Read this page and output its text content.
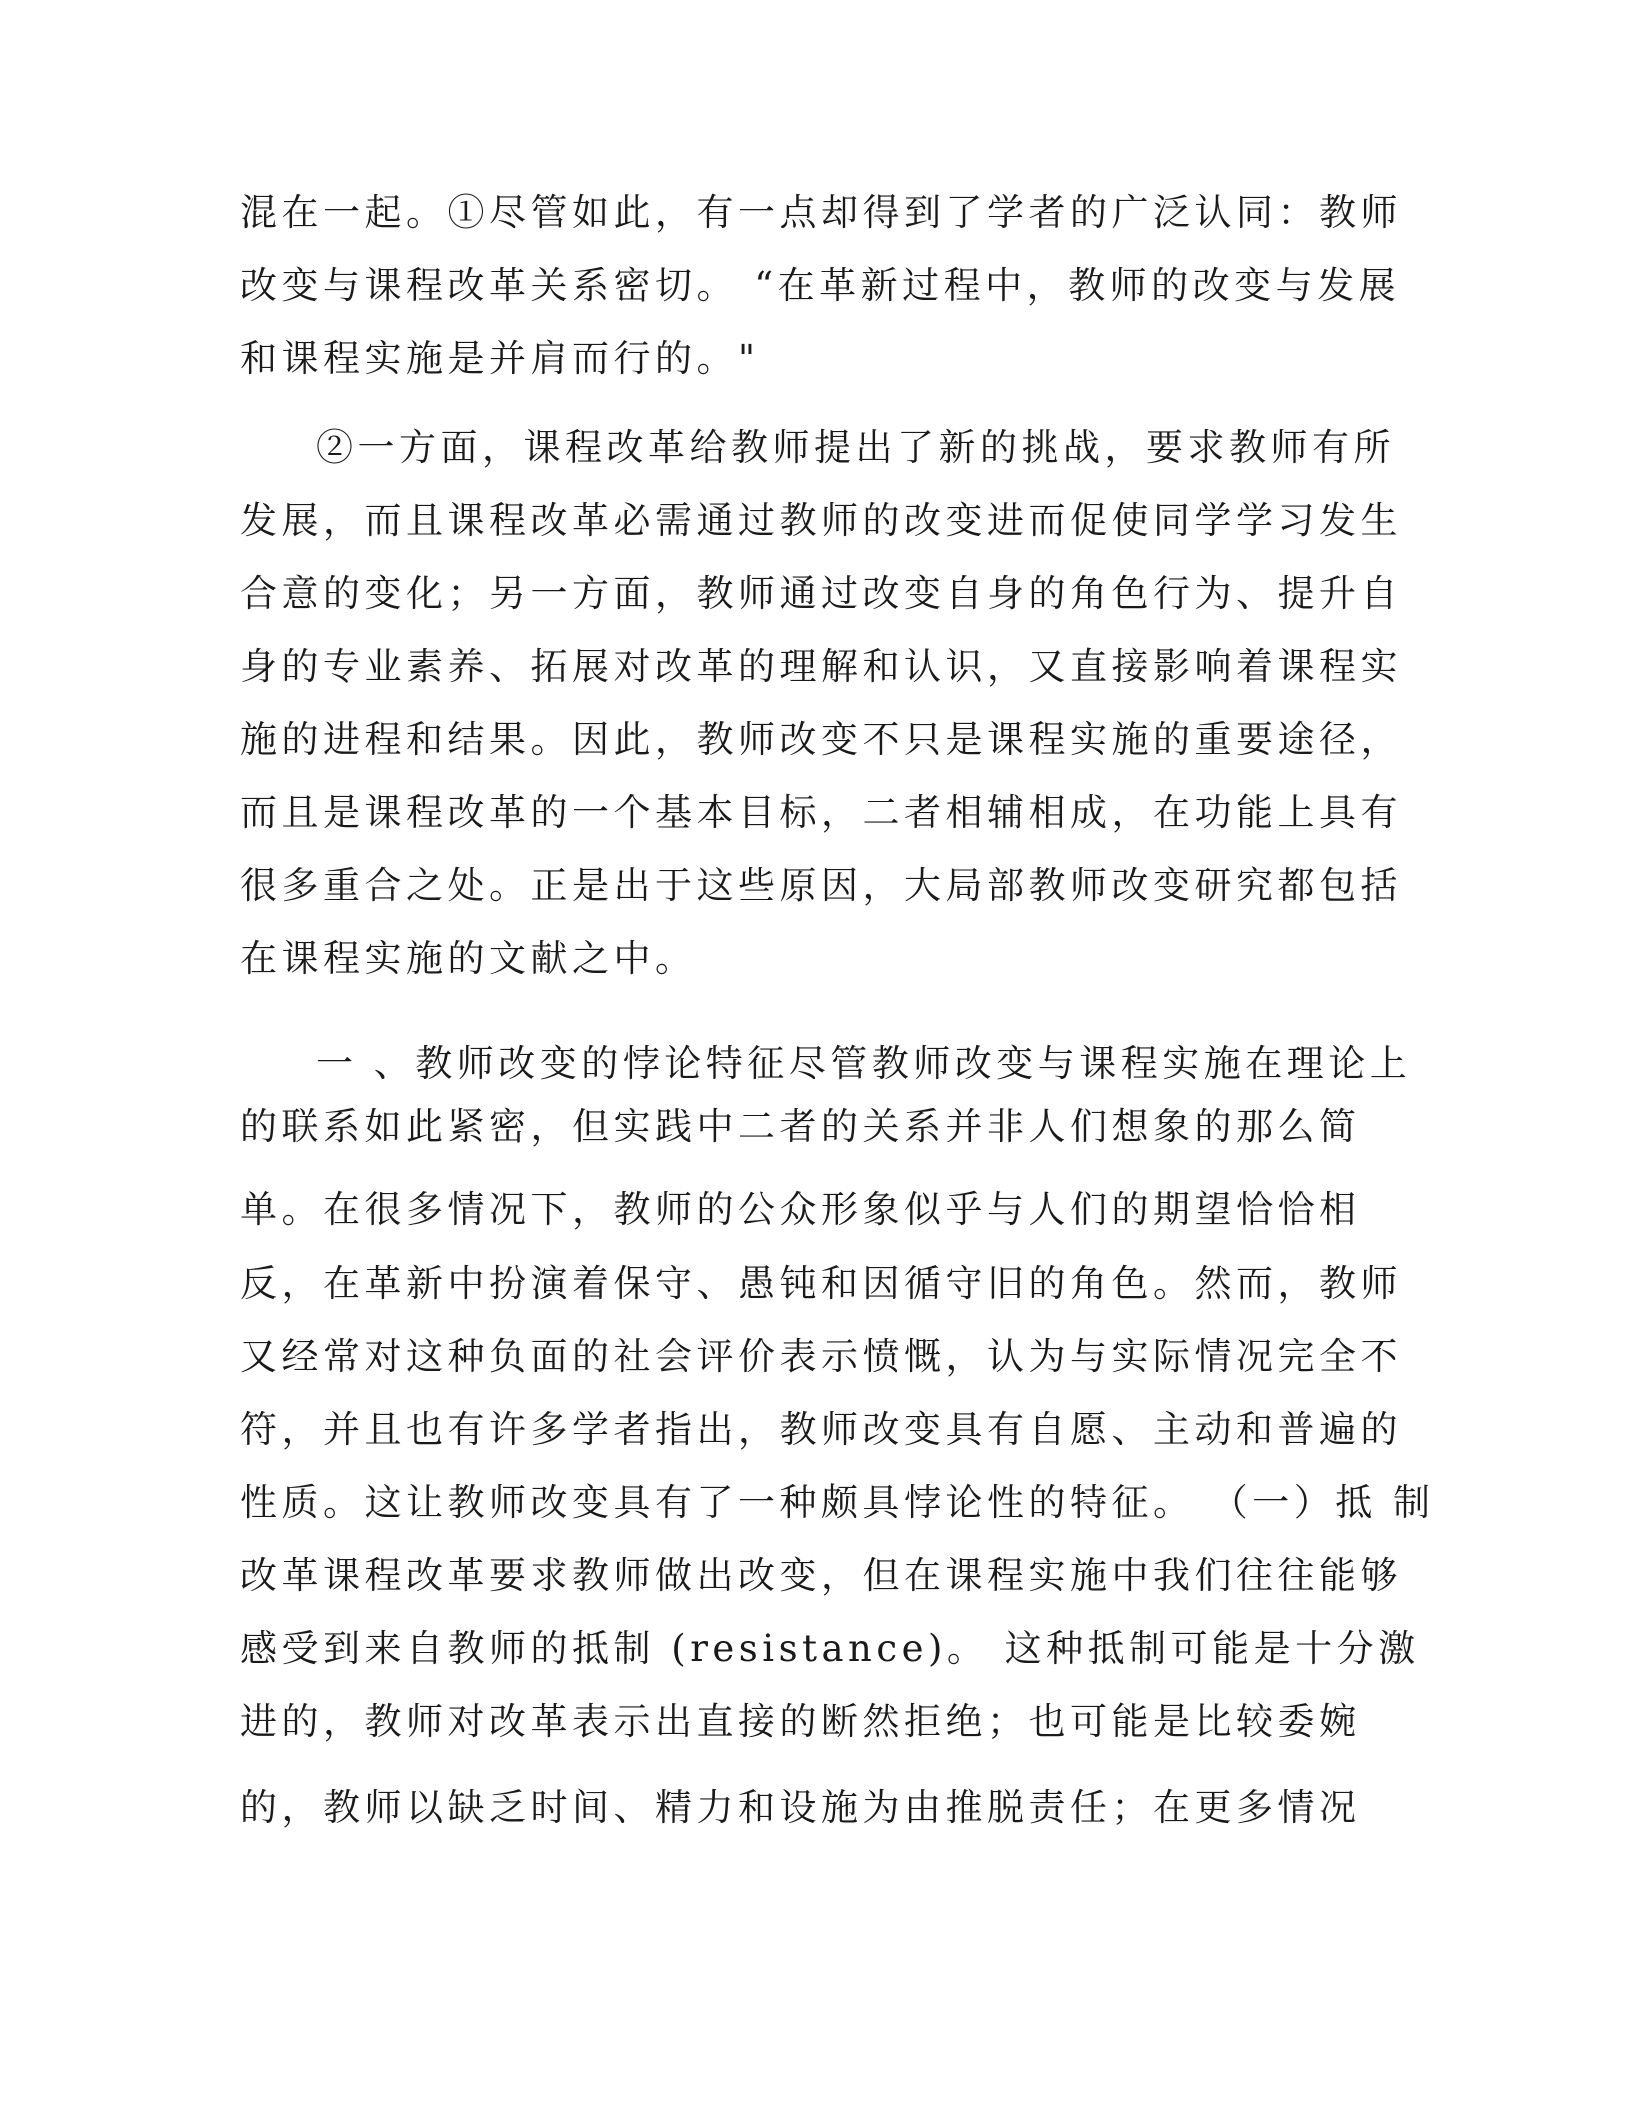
混在一起。①尽管如此，有一点却得到了学者的广泛认同：教师
改变与课程改革关系密切。 “在革新过程中，教师的改变与发展
和课程实施是并肩而行的。"
②一方面，课程改革给教师提出了新的挑战，要求教师有所
发展，而且课程改革必需通过教师的改变进而促使同学学习发生
合意的变化；另一方面，教师通过改变自身的角色行为、提升自
身的专业素养、拓展对改革的理解和认识，又直接影响着课程实
施的进程和结果。因此，教师改变不只是课程实施的重要途径，
而且是课程改革的一个基本目标，二者相辅相成，在功能上具有
很多重合之处。正是出于这些原因，大局部教师改变研究都包括
在课程实施的文献之中。
一 、教师改变的悖论特征尽管教师改变与课程实施在理论上
的联系如此紧密，但实践中二者的关系并非人们想象的那么简
单。在很多情况下，教师的公众形象似乎与人们的期望恰恰相
反，在革新中扮演着保守、愚钝和因循守旧的角色。然而，教师
又经常对这种负面的社会评价表示愤慨，认为与实际情况完全不
符，并且也有许多学者指出，教师改变具有自愿、主动和普遍的
性质。这让教师改变具有了一种颇具悖论性的特征。 （一）抵 制
改革课程改革要求教师做出改变，但在课程实施中我们往往能够
感受到来自教师的抵制 (resistance)。 这种抵制可能是十分激
进的，教师对改革表示出直接的断然拒绝；也可能是比较委婉
的，教师以缺乏时间、精力和设施为由推脱责任；在更多情况
